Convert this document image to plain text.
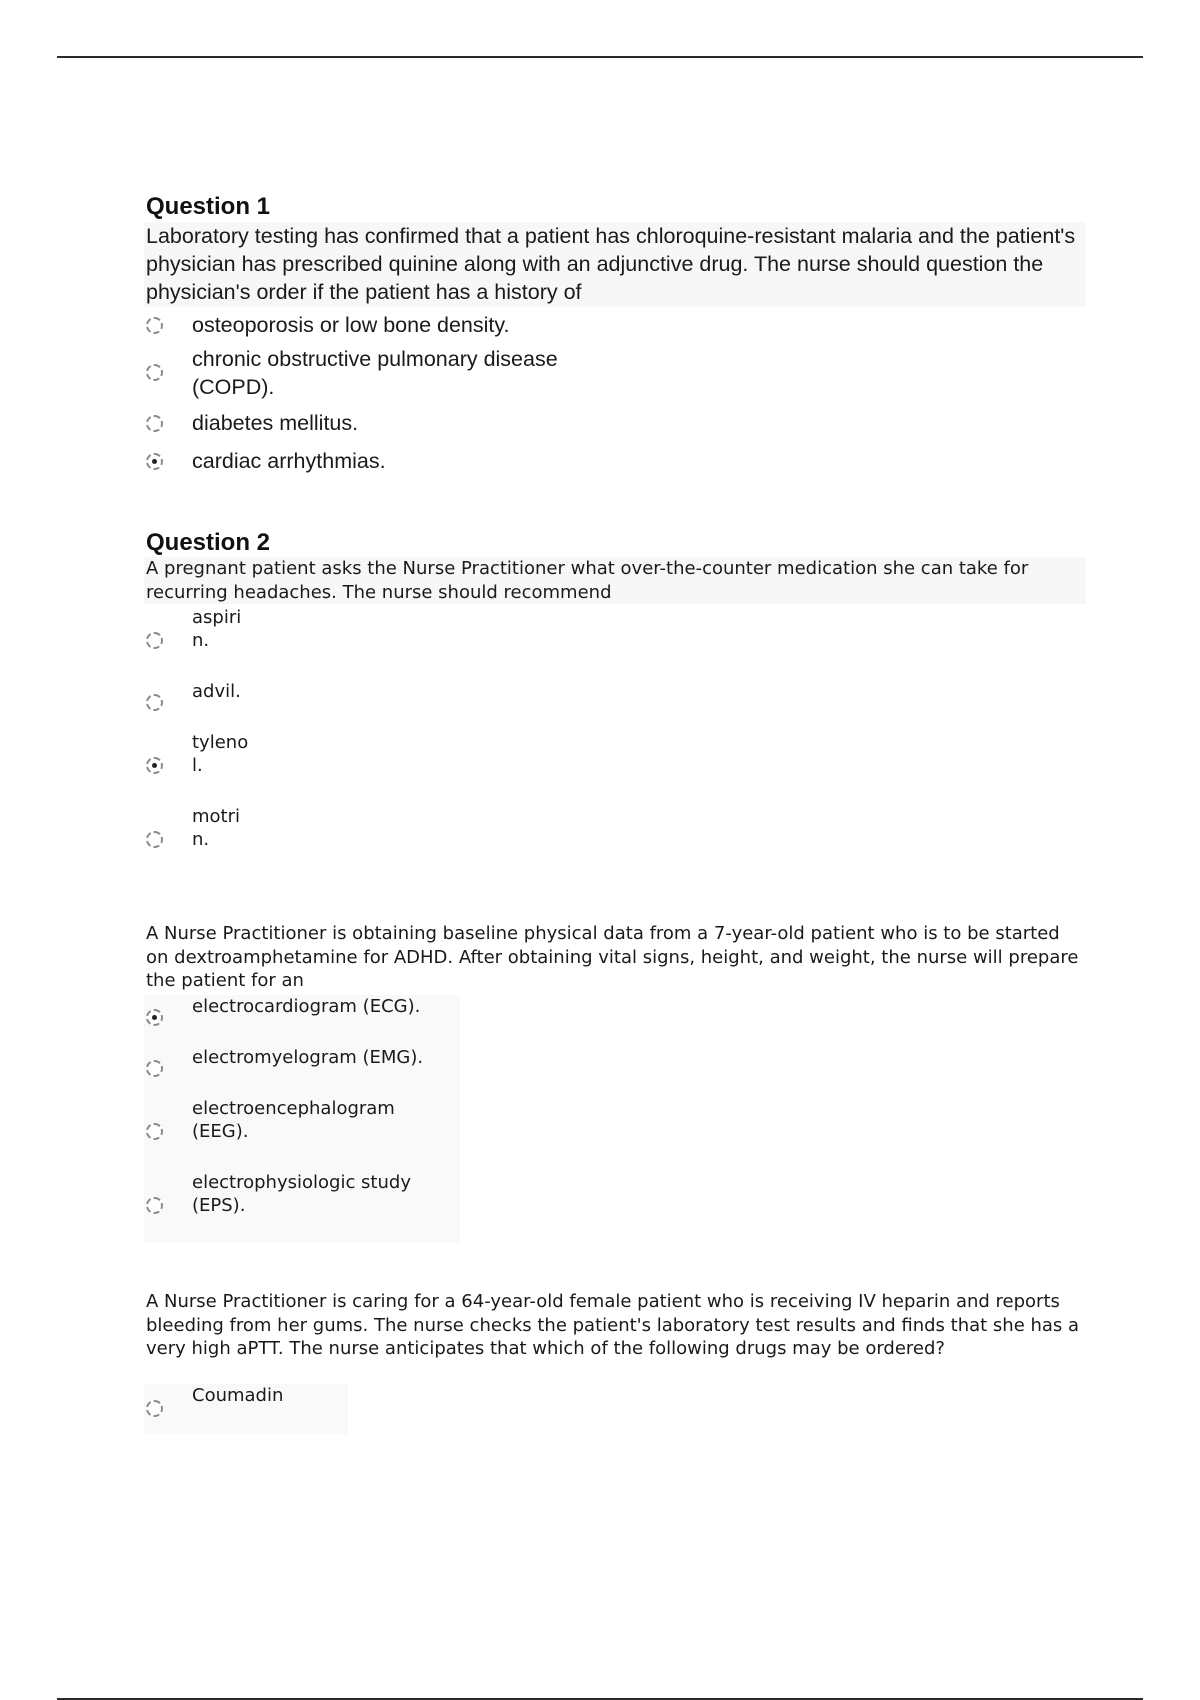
Question 1

Laboratory testing has confirmed that a patient has chloroquine-resistant malaria and the patient's physician has prescribed quinine along with an adjunctive drug. The nurse should question the physician's order if the patient has a history of

osteoporosis or low bone density.
chronic obstructive pulmonary disease (COPD).
diabetes mellitus.
cardiac arrhythmias.
Question 2

A pregnant patient asks the Nurse Practitioner what over-the-counter medication she can take for recurring headaches. The nurse should recommend

aspirin.
advil.
tylenol.
motrin.

A Nurse Practitioner is obtaining baseline physical data from a 7-year-old patient who is to be started on dextroamphetamine for ADHD. After obtaining vital signs, height, and weight, the nurse will prepare the patient for an

electrocardiogram (ECG).
electromyelogram (EMG).
electroencephalogram (EEG).
electrophysiologic study (EPS).

A Nurse Practitioner is caring for a 64-year-old female patient who is receiving IV heparin and reports bleeding from her gums. The nurse checks the patient's laboratory test results and finds that she has a very high aPTT. The nurse anticipates that which of the following drugs may be ordered?

Coumadin
